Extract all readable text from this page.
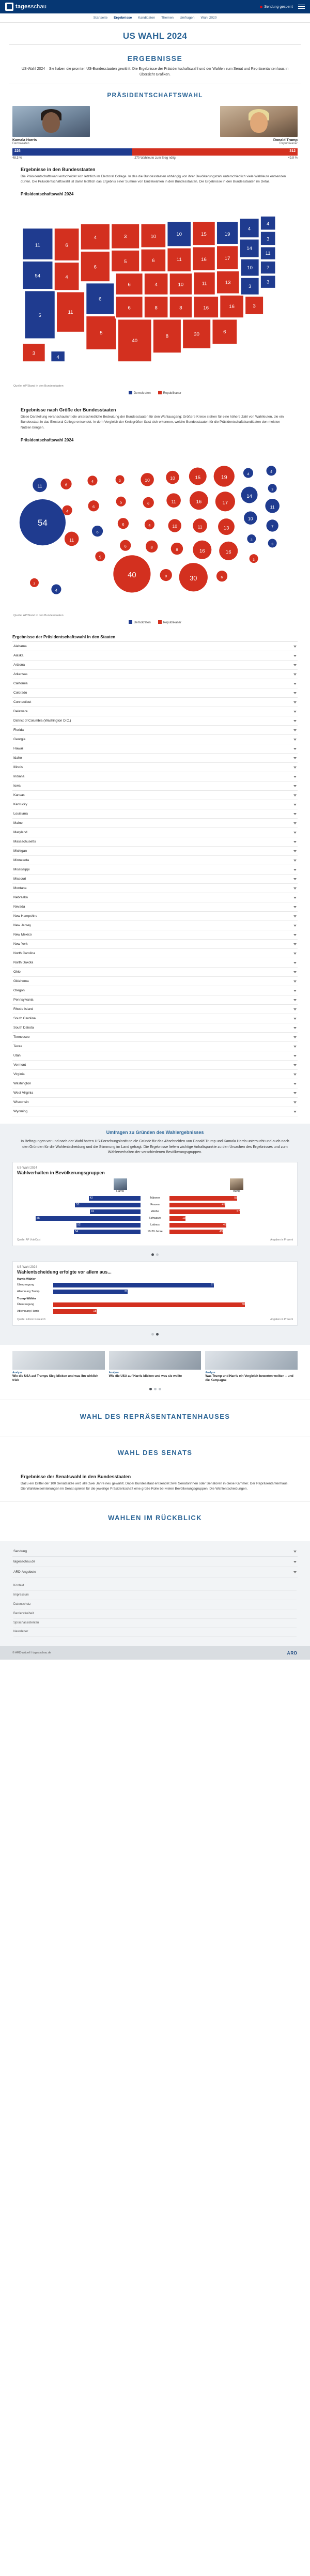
tagesschau	Sendung gesperrt
Startseite Ergebnisse Kandidaten Themen Umfragen Wahl 2020
US WAHL 2024
ERGEBNISSE
US-Wahl 2024 – Sie haben die promten US-Bundesstaaten gewählt: Die Ergebnisse der Präsidentschaftswahl und der Wahlen zum Senat und Repräsentantenhaus in Übersicht Grafiken.
PRÄSIDENTSCHAFTSWAHL
Kamala Harris
Demokraten
Donald Trump
Republikaner
226	312
48,3 %	270 Wahlleute zum Sieg nötig	49,9 %
Ergebnisse in den Bundesstaaten
Die Präsidentschaftswahl entscheidet sich letztlich im Electoral College. In das die Bundesstaaten abhängig von ihrer Bevölkerungszahl unterschiedlich viele Wahlleute entsenden dürfen. Die Präsidentschaftswahl ist damit letztlich das Ergebnis einer Summe von Einzelwahlen in den Bundesstaaten. Die Ergebnisse in den Bundesstaaten im Detail.
Präsidentschaftswahl 2024
11
54
5
6
4
11
4
6
6
5
3
5
6
6
40
10
6
4
8
10
11
10
8
8
15
16
11
16
30
19
17
13
16
6
4
14
10
3
3
4
3
11
7
3
3
4
Quelle: AP/Stand in den Bundesstaaten
Demokraten	Republikaner
Ergebnisse nach Größe der Bundesstaaten
Diese Darstellung veranschaulicht die unterschiedliche Bedeutung der Bundesstaaten für den Wahlausgang: Größere Kreise stehen für eine höhere Zahl von Wahlleuten, die ein Bundesstaat in das Electoral College entsendet. In dem Vergleich der Kreisgrößen lässt sich erkennen, welche Bundesstaaten für die Präsidentschaftskandidaten den meisten Nutzen bringen.
Präsidentschaftswahl 2024
54
11	6
4
11
4
6
6
5
3
5
6
6
40
10
6
4
8
10
11
10
8
8
15
16
11
16
30
19
17
13
16
6
4
14
10
3
3
4
3
11
7
3
3
4
Quelle: AP/Stand in den Bundesstaaten
Demokraten	Republikaner
Ergebnisse der Präsidentschaftswahl in den Staaten
Alabama
Alaska
Arizona
Arkansas
California
Colorado
Connecticut
Delaware
District of Columbia (Washington D.C.)
Florida
Georgia
Hawaii
Idaho
Illinois
Indiana
Iowa
Kansas
Kentucky
Louisiana
Maine
Maryland
Massachusetts
Michigan
Minnesota
Mississippi
Missouri
Montana
Nebraska
Nevada
New Hampshire
New Jersey
New Mexico
New York
North Carolina
North Dakota
Ohio
Oklahoma
Oregon
Pennsylvania
Rhode Island
South Carolina
South Dakota
Tennessee
Texas
Utah
Vermont
Virginia
Washington
West Virginia
Wisconsin
Wyoming
Umfragen zu Gründen des Wahlergebnisses
In Befragungen vor und nach der Wahl hatten US-Forschungsinstitute die Gründe für das Abschneiden von Donald Trump und Kamala Harris untersucht und auch nach den Gründen für die Wahlentscheidung und die Stimmung im Land gefragt. Die Ergebnisse liefern wichtige Anhaltspunkte zu den Ursachen des Ergebnisses und zum Wählerverhalten der verschiedenen Bevölkerungsgruppen.
US-Wahl 2024
Wahlverhalten in Bevölkerungsgruppen
Harris	Trump
42	Männer	55
53	Frauen	45
41	Weiße	57
85	Schwarze	13
52	Latinos	46
54	18-29 Jahre	43
Quelle: AP VoteCast	Angaben in Prozent
US-Wahl 2024
Wahlentscheidung erfolgte vor allem aus...
Harris-Wähler
Überzeugung	67
Ablehnung Trump	31
Trump-Wähler
Überzeugung	80
Ablehnung Harris	18
Quelle: Edison Research	Angaben in Prozent
Analyse
Wie die USA auf Trumps Sieg blicken und was ihn wirklich trieb
Analyse
Wie die USA auf Harris blicken und was sie wollte
Analyse
Was Trump und Harris ein Vergleich bewerten wollten – und die Kampagne
WAHL DES REPRÄSENTANTENHAUSES
WAHL DES SENATS
Ergebnisse der Senatswahl in den Bundesstaaten
Dazu ein Drittel der 100 Senatssitze wird alle zwei Jahre neu gewählt. Dabei Bundesstaat entsendet zwei Senatorinnen oder Senatoren in diese Kammer. Der Repräsentantenhaus. Die Wahlkreiseinteilungen im Senat spielen für die jeweilige Präsidentschaft eine große Rolle bei vielen Bevölkerungsgruppen. Die Wahlentscheidungen.
WAHLEN IM RÜCKBLICK
Sendung
tagesschau.de
ARD-Angebote
Kontakt
Impressum
Datenschutz
Barrierefreiheit
Sprachassistenten
Newsletter
© ARD-aktuell / tagesschau.de	ARD
